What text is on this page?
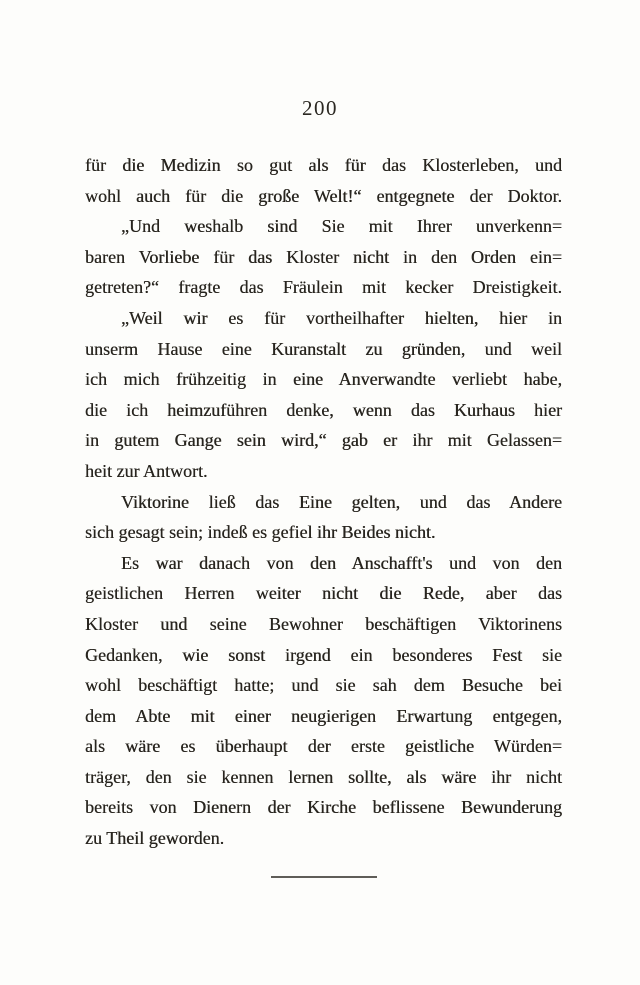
200

für die Medizin so gut als für das Klosterleben, und

wohl auch für die große Welt!“ entgegnete der Doktor.

„Und weshalb sind Sie mit Ihrer unverkenn=

baren Vorliebe für das Kloster nicht in den Orden ein=

getreten?“ fragte das Fräulein mit kecker Dreistigkeit.

„Weil wir es für vortheilhafter hielten, hier in

unserm Hause eine Kuranstalt zu gründen, und weil

ich mich frühzeitig in eine Anverwandte verliebt habe,

die ich heimzuführen denke, wenn das Kurhaus hier

in gutem Gange sein wird,“ gab er ihr mit Gelassen=

heit zur Antwort.

Viktorine ließ das Eine gelten, und das Andere

sich gesagt sein; indeß es gefiel ihr Beides nicht.

Es war danach von den Anschafft's und von den

geistlichen Herren weiter nicht die Rede, aber das

Kloster und seine Bewohner beschäftigen Viktorinens

Gedanken, wie sonst irgend ein besonderes Fest sie

wohl beschäftigt hatte; und sie sah dem Besuche bei

dem Abte mit einer neugierigen Erwartung entgegen,

als wäre es überhaupt der erste geistliche Würden=

träger, den sie kennen lernen sollte, als wäre ihr nicht

bereits von Dienern der Kirche beflissene Bewunderung

zu Theil geworden.
